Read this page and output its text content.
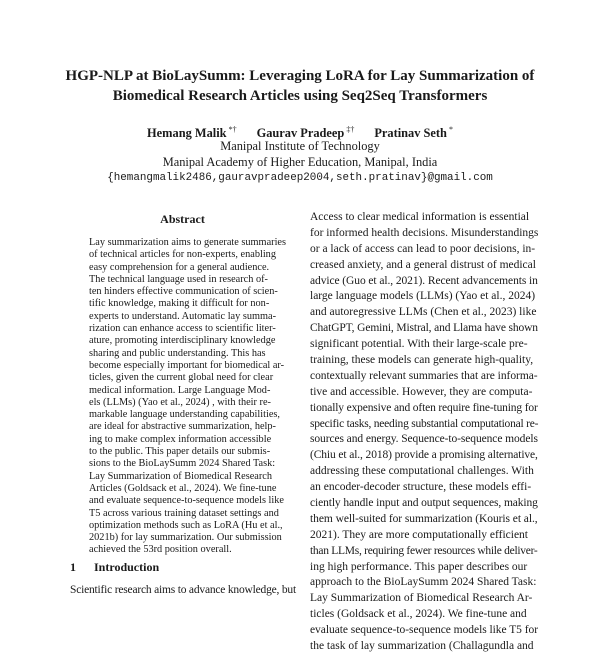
HGP-NLP at BioLaySumm: Leveraging LoRA for Lay Summarization of
Biomedical Research Articles using Seq2Seq Transformers
Hemang Malik *† Gaurav Pradeep ‡† Pratinav Seth *
Manipal Institute of Technology
Manipal Academy of Higher Education, Manipal, India
{hemangmalik2486,gauravpradeep2004,seth.pratinav}@gmail.com
Abstract
Lay summarization aims to generate summaries
of technical articles for non-experts, enabling
easy comprehension for a general audience.
The technical language used in research of-
ten hinders effective communication of scien-
tific knowledge, making it difficult for non-
experts to understand. Automatic lay summa-
rization can enhance access to scientific liter-
ature, promoting interdisciplinary knowledge
sharing and public understanding. This has
become especially important for biomedical ar-
ticles, given the current global need for clear
medical information. Large Language Mod-
els (LLMs) (Yao et al., 2024) , with their re-
markable language understanding capabilities,
are ideal for abstractive summarization, help-
ing to make complex information accessible
to the public. This paper details our submis-
sions to the BioLaySumm 2024 Shared Task:
Lay Summarization of Biomedical Research
Articles (Goldsack et al., 2024). We fine-tune
and evaluate sequence-to-sequence models like
T5 across various training dataset settings and
optimization methods such as LoRA (Hu et al.,
2021b) for lay summarization. Our submission
achieved the 53rd position overall.
1 Introduction
Scientific research aims to advance knowledge, but
Access to clear medical information is essential
for informed health decisions. Misunderstandings
or a lack of access can lead to poor decisions, in-
creased anxiety, and a general distrust of medical
advice (Guo et al., 2021). Recent advancements in
large language models (LLMs) (Yao et al., 2024)
and autoregressive LLMs (Chen et al., 2023) like
ChatGPT, Gemini, Mistral, and Llama have shown
significant potential. With their large-scale pre-
training, these models can generate high-quality,
contextually relevant summaries that are informa-
tive and accessible. However, they are computa-
tionally expensive and often require fine-tuning for
specific tasks, needing substantial computational re-
sources and energy. Sequence-to-sequence models
(Chiu et al., 2018) provide a promising alternative,
addressing these computational challenges. With
an encoder-decoder structure, these models effi-
ciently handle input and output sequences, making
them well-suited for summarization (Kouris et al.,
2021). They are more computationally efficient
than LLMs, requiring fewer resources while deliver-
ing high performance. This paper describes our
approach to the BioLaySumm 2024 Shared Task:
Lay Summarization of Biomedical Research Ar-
ticles (Goldsack et al., 2024). We fine-tune and
evaluate sequence-to-sequence models like T5 for
the task of lay summarization (Challagundla and
